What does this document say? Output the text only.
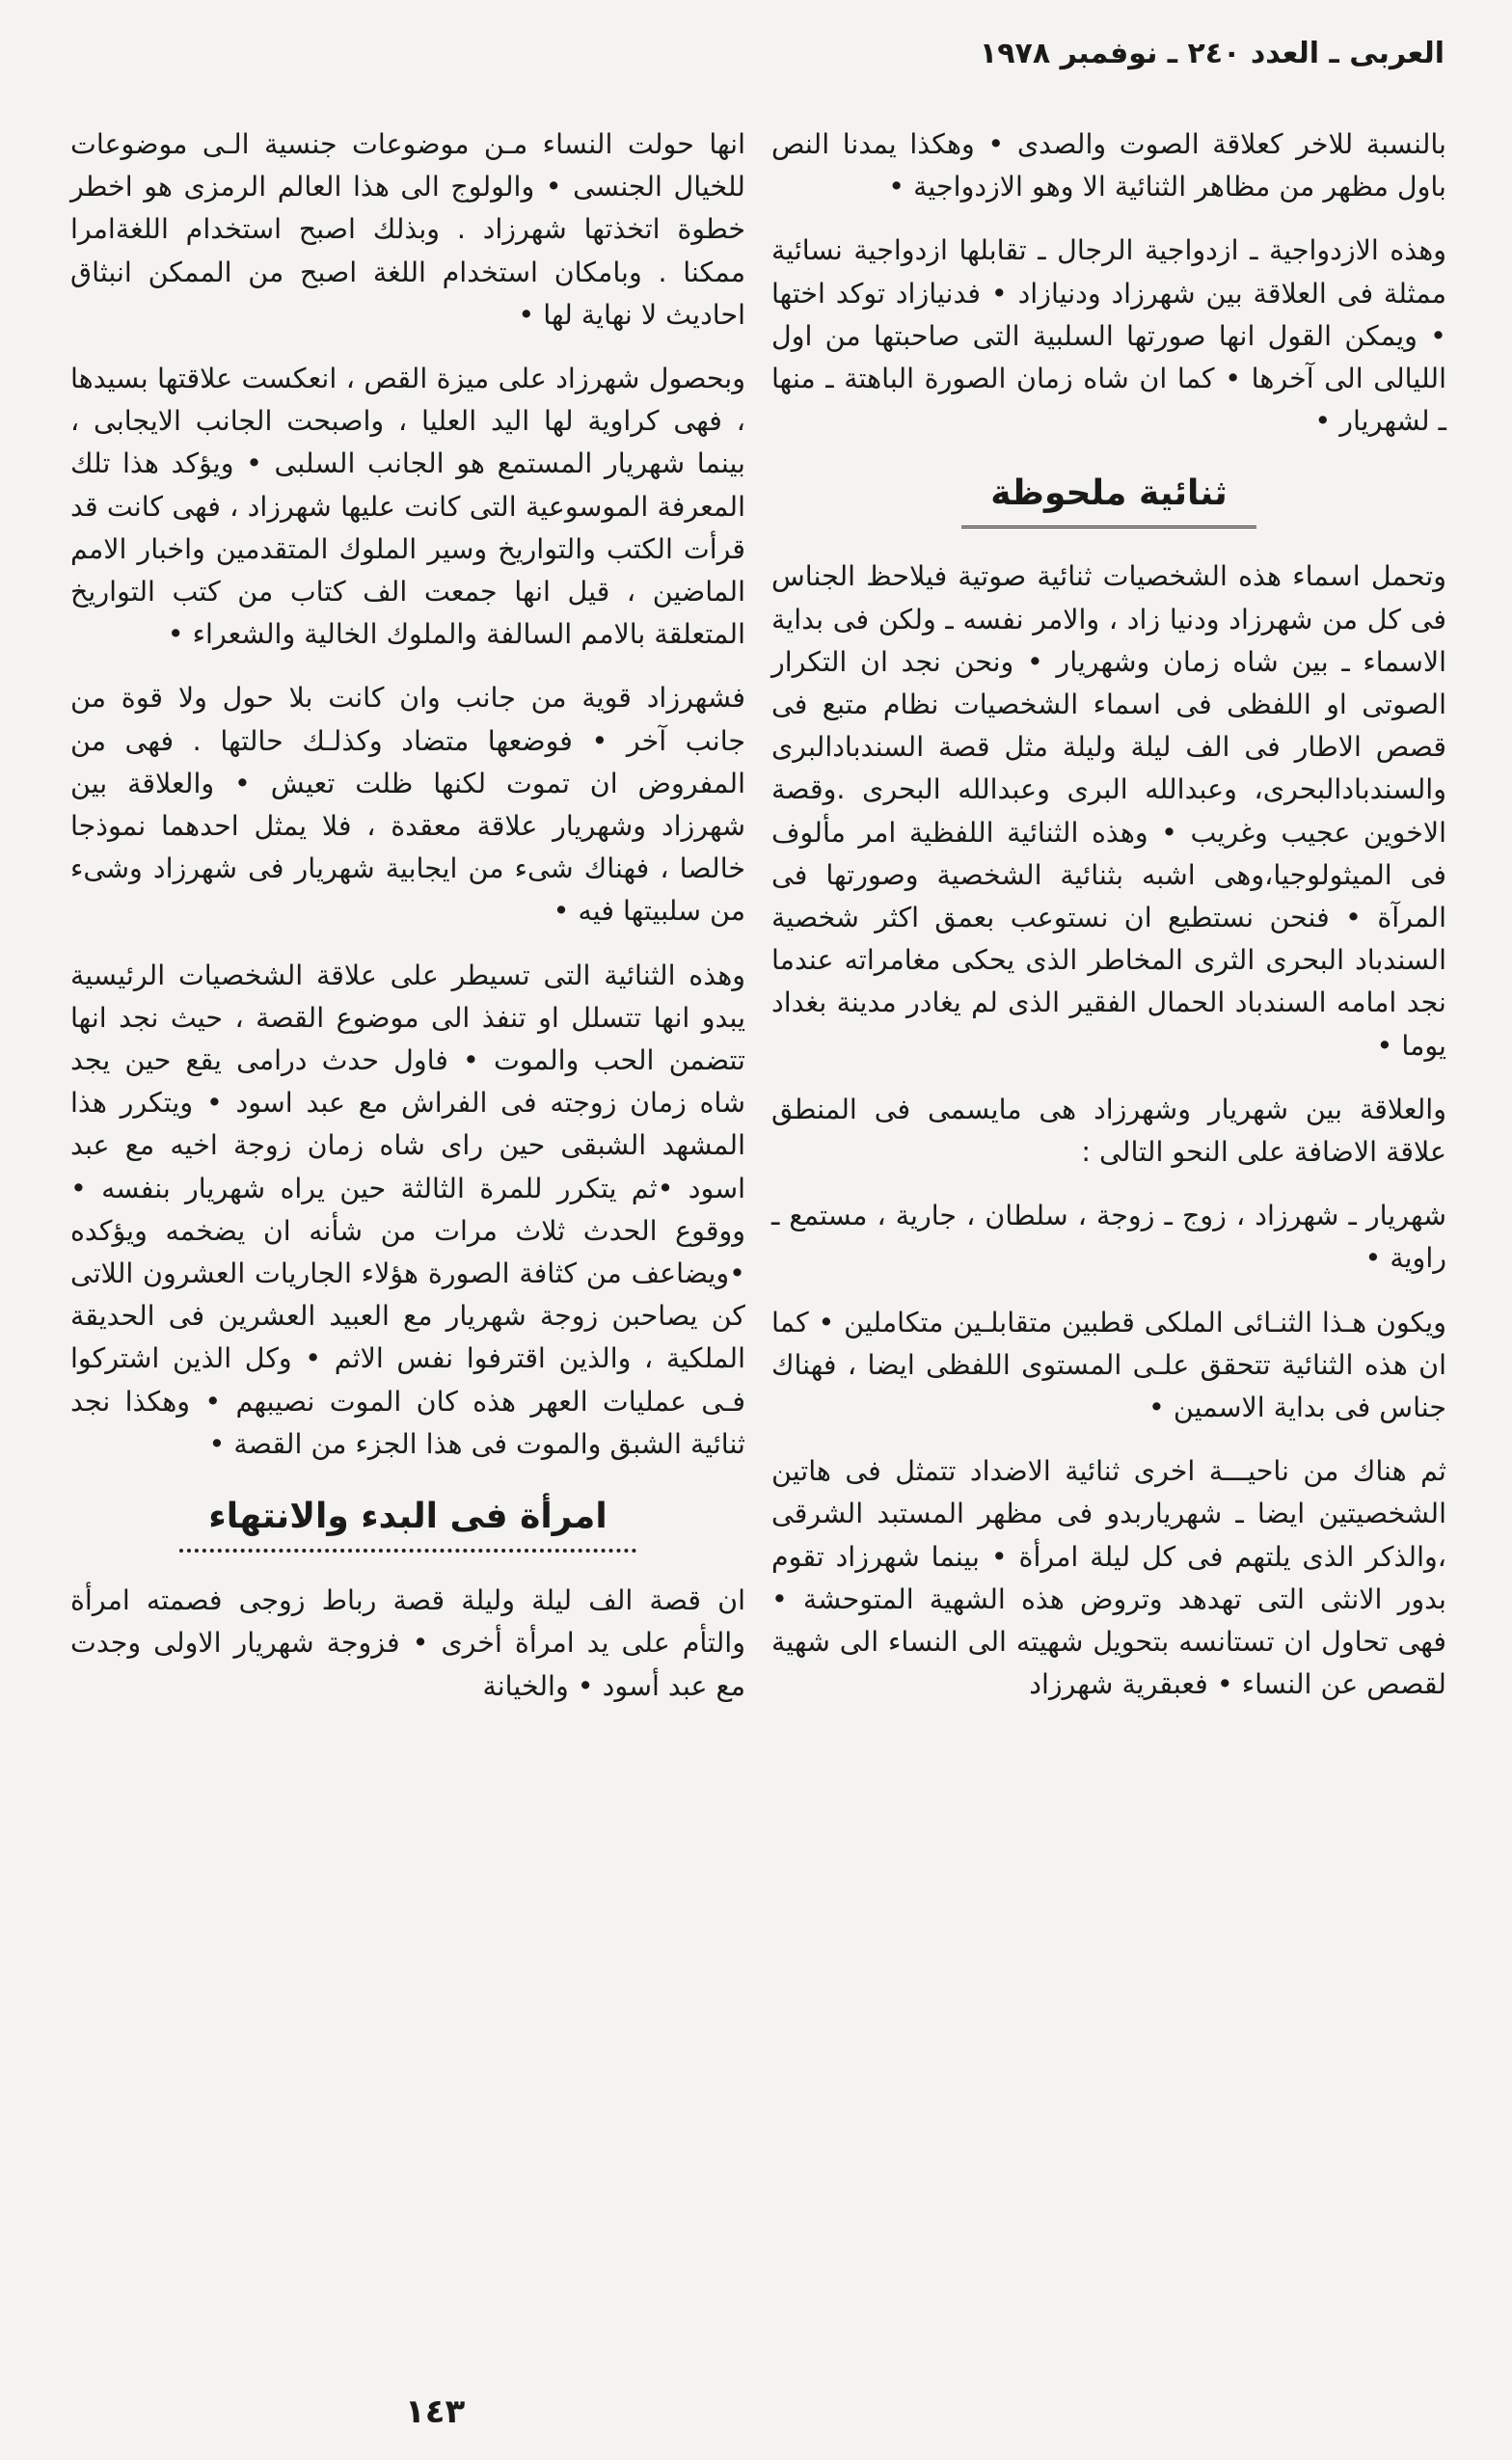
العربى ـ العدد ٢٤٠ ـ نوفمبر ١٩٧٨

بالنسبة للاخر كعلاقة الصوت والصدى • وهكذا يمدنا النص باول مظهر من مظاهر الثنائية الا وهو الازدواجية •

وهذه الازدواجية ـ ازدواجية الرجال ـ تقابلها ازدواجية نسائية ممثلة فى العلاقة بين شهرزاد ودنيازاد • فدنيازاد توكد اختها • ويمكن القول انها صورتها السلبية التى صاحبتها من اول الليالى الى آخرها • كما ان شاه زمان الصورة الباهتة ـ منها ـ لشهريار •

ثنائية ملحوظة

وتحمل اسماء هذه الشخصيات ثنائية صوتية فيلاحظ الجناس فى كل من شهرزاد ودنيا زاد ، والامر نفسه ـ ولكن فى بداية الاسماء ـ بين شاه زمان وشهريار • ونحن نجد ان التكرار الصوتى او اللفظى فى اسماء الشخصيات نظام متبع فى قصص الاطار فى الف ليلة وليلة مثل قصة السندبادالبرى والسندبادالبحرى، وعبدالله البرى وعبدالله البحرى .وقصة الاخوين عجيب وغريب • وهذه الثنائية اللفظية امر مألوف فى الميثولوجيا،وهى اشبه بثنائية الشخصية وصورتها فى المرآة • فنحن نستطيع ان نستوعب بعمق اكثر شخصية السندباد البحرى الثرى المخاطر الذى يحكى مغامراته عندما نجد امامه السندباد الحمال الفقير الذى لم يغادر مدينة بغداد يوما •

والعلاقة بين شهريار وشهرزاد هى مايسمى فى المنطق علاقة الاضافة على النحو التالى :

شهريار ـ شهرزاد ، زوج ـ زوجة ، سلطان ، جارية ، مستمع ـ راوية •

ويكون هـذا الثنـائى الملكى قطبين متقابلـين متكاملين • كما ان هذه الثنائية تتحقق علـى المستوى اللفظى ايضا ، فهناك جناس فى بداية الاسمين •

ثم هناك من ناحيـــة اخرى ثنائية الاضداد تتمثل فى هاتين الشخصيتين ايضا ـ شهرياربدو فى مظهر المستبد الشرقى ،والذكر الذى يلتهم فى كل ليلة امرأة • بينما شهرزاد تقوم بدور الانثى التى تهدهد وتروض هذه الشهية المتوحشة • فهى تحاول ان تستانسه بتحويل شهيته الى النساء الى شهية لقصص عن النساء • فعبقرية شهرزاد

انها حولت النساء مـن موضوعات جنسية الـى موضوعات للخيال الجنسى • والولوج الى هذا العالم الرمزى هو اخطر خطوة اتخذتها شهرزاد . وبذلك اصبح استخدام اللغةامرا ممكنا . وبامكان استخدام اللغة اصبح من الممكن انبثاق احاديث لا نهاية لها •

وبحصول شهرزاد على ميزة القص ، انعكست علاقتها بسيدها ، فهى كراوية لها اليد العليا ، واصبحت الجانب الايجابى ، بينما شهريار المستمع هو الجانب السلبى • ويؤكد هذا تلك المعرفة الموسوعية التى كانت عليها شهرزاد ، فهى كانت قد قرأت الكتب والتواريخ وسير الملوك المتقدمين واخبار الامم الماضين ، قيل انها جمعت الف كتاب من كتب التواريخ المتعلقة بالامم السالفة والملوك الخالية والشعراء •

فشهرزاد قوية من جانب وان كانت بلا حول ولا قوة من جانب آخر • فوضعها متضاد وكذلـك حالتها . فهى من المفروض ان تموت لكنها ظلت تعيش • والعلاقة بين شهرزاد وشهريار علاقة معقدة ، فلا يمثل احدهما نموذجا خالصا ، فهناك شىء من ايجابية شهريار فى شهرزاد وشىء من سلبيتها فيه •

وهذه الثنائية التى تسيطر على علاقة الشخصيات الرئيسية يبدو انها تتسلل او تنفذ الى موضوع القصة ، حيث نجد انها تتضمن الحب والموت • فاول حدث درامى يقع حين يجد شاه زمان زوجته فى الفراش مع عبد اسود • ويتكرر هذا المشهد الشبقى حين راى شاه زمان زوجة اخيه مع عبد اسود •ثم يتكرر للمرة الثالثة حين يراه شهريار بنفسه • ووقوع الحدث ثلاث مرات من شأنه ان يضخمه ويؤكده •ويضاعف من كثافة الصورة هؤلاء الجاريات العشرون اللاتى كن يصاحبن زوجة شهريار مع العبيد العشرين فى الحديقة الملكية ، والذين اقترفوا نفس الاثم • وكل الذين اشتركوا فـى عمليات العهر هذه كان الموت نصيبهم • وهكذا نجد ثنائية الشبق والموت فى هذا الجزء من القصة •

امرأة فى البدء والانتهاء

ان قصة الف ليلة وليلة قصة رباط زوجى فصمته امرأة والتأم على يد امرأة أخرى • فزوجة شهريار الاولى وجدت مع عبد أسود • والخيانة

١٤٣
